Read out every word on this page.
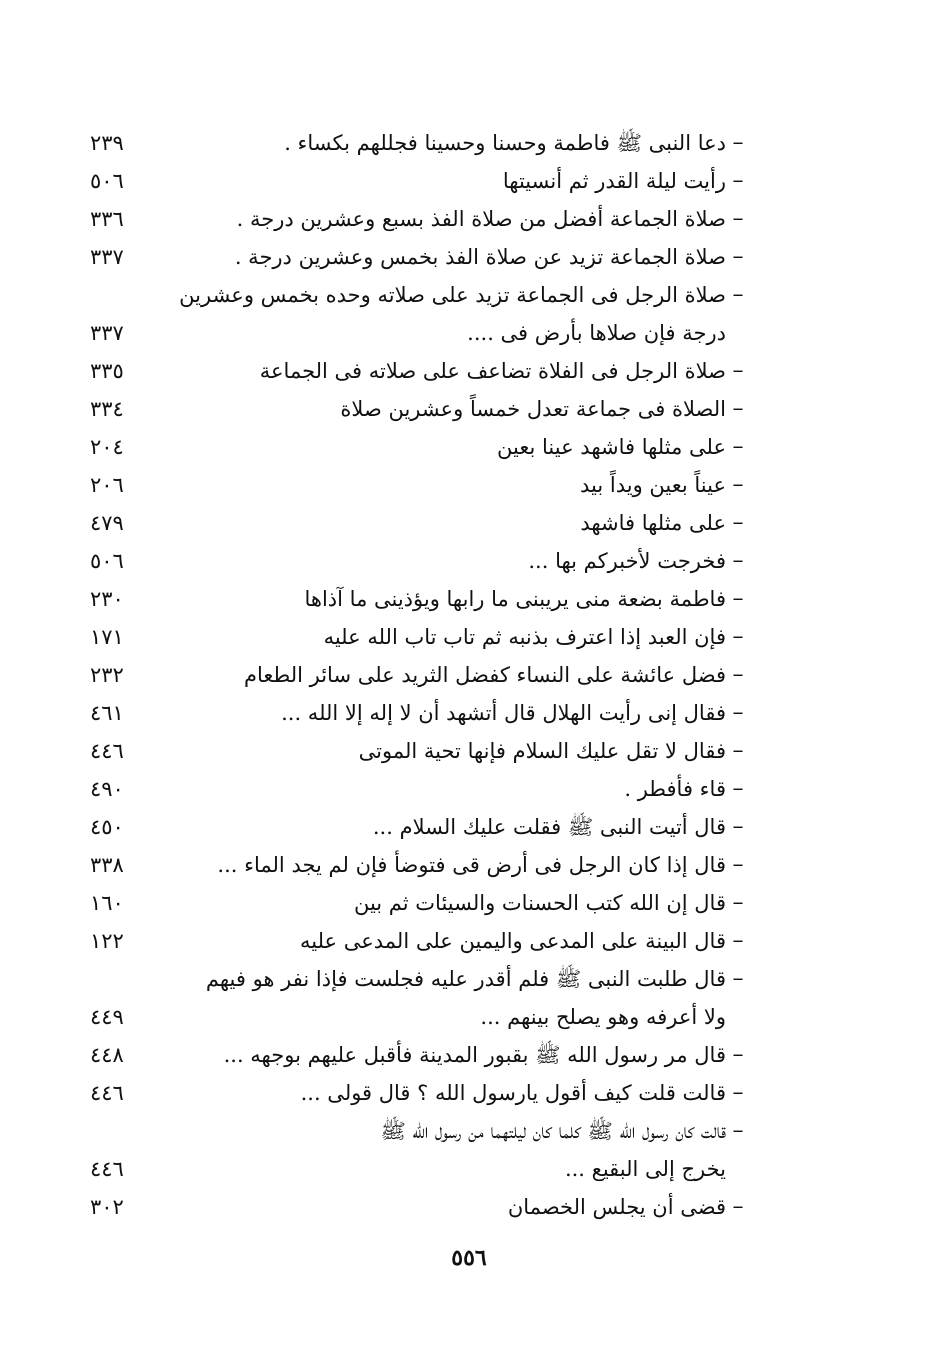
–
دعا النبى ﷺ فاطمة وحسنا وحسينا فجللهم بكساء .
٢٣٩
–
رأيت ليلة القدر ثم أنسيتها
٥٠٦
–
صلاة الجماعة أفضل من صلاة الفذ بسبع وعشرين درجة .
٣٣٦
–
صلاة الجماعة تزيد عن صلاة الفذ بخمس وعشرين درجة .
٣٣٧
–
صلاة الرجل فى الجماعة تزيد على صلاته وحده بخمس وعشرين
درجة فإن صلاها بأرض فى ....
٣٣٧
–
صلاة الرجل فى الفلاة تضاعف على صلاته فى الجماعة
٣٣٥
–
الصلاة فى جماعة تعدل خمساً وعشرين صلاة
٣٣٤
–
على مثلها فاشهد عينا بعين
٢٠٤
–
عيناً بعين ويداً بيد
٢٠٦
–
على مثلها فاشهد
٤٧٩
–
فخرجت لأخبركم بها ...
٥٠٦
–
فاطمة بضعة منى يريبنى ما رابها ويؤذينى ما آذاها
٢٣٠
–
فإن العبد إذا اعترف بذنبه ثم تاب تاب الله عليه
١٧١
–
فضل عائشة على النساء كفضل الثريد على سائر الطعام
٢٣٢
–
فقال إنى رأيت الهلال قال أتشهد أن لا إله إلا الله ...
٤٦١
–
فقال لا تقل عليك السلام فإنها تحية الموتى
٤٤٦
–
قاء فأفطر .
٤٩٠
–
قال أتيت النبى ﷺ فقلت عليك السلام ...
٤٥٠
–
قال إذا كان الرجل فى أرض قى فتوضأ فإن لم يجد الماء ...
٣٣٨
–
قال إن الله كتب الحسنات والسيئات ثم بين
١٦٠
–
قال البينة على المدعى واليمين على المدعى عليه
١٢٢
–
قال طلبت النبى ﷺ فلم أقدر عليه فجلست فإذا نفر هو فيهم
ولا أعرفه وهو يصلح بينهم ...
٤٤٩
–
قال مر رسول الله ﷺ بقبور المدينة فأقبل عليهم بوجهه ...
٤٤٨
–
قالت قلت كيف أقول يارسول الله ؟ قال قولى ...
٤٤٦
–
قالت كان رسول الله ﷺ كلما كان ليلتهما من رسول الله ﷺ
يخرج إلى البقيع ...
٤٤٦
–
قضى أن يجلس الخصمان
٣٠٢
٥٥٦
